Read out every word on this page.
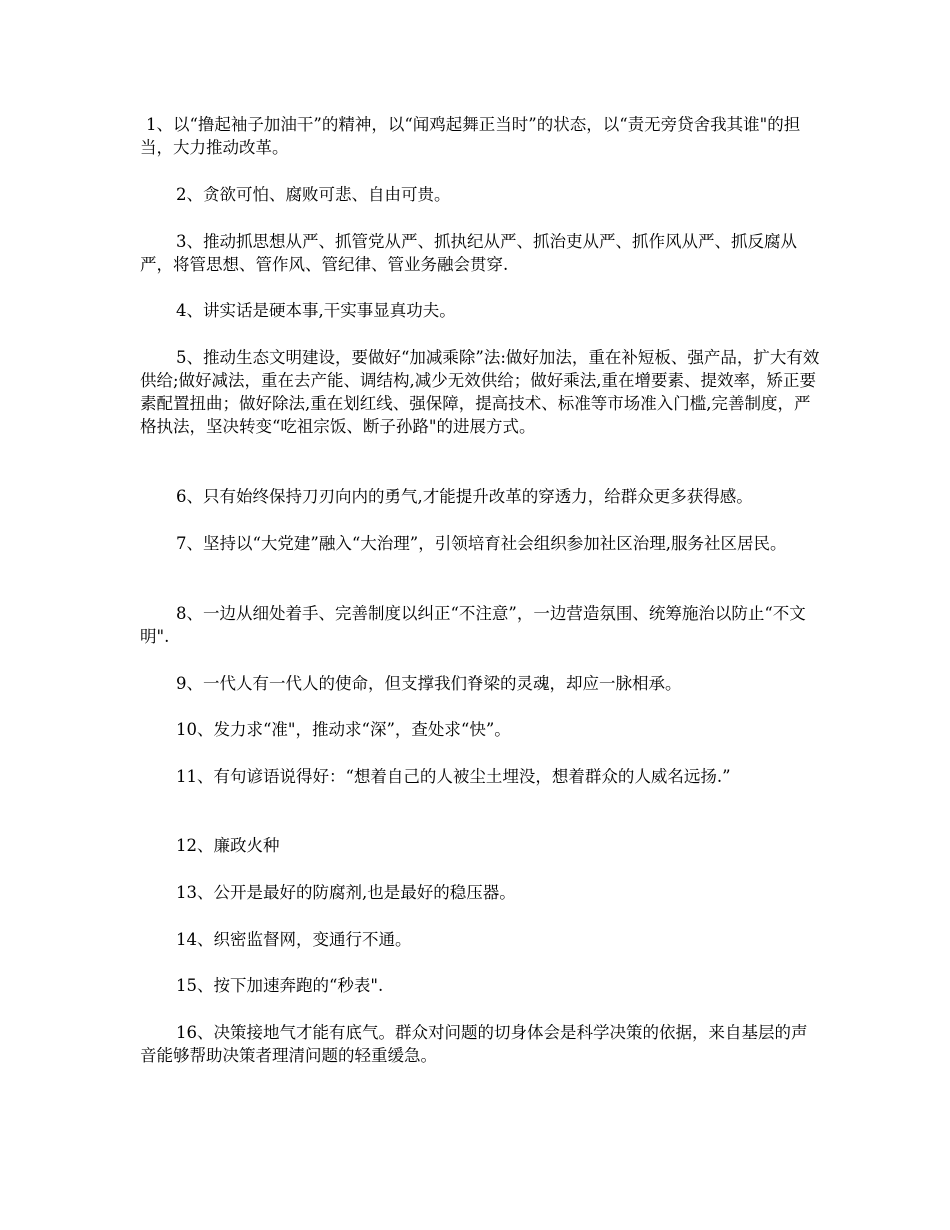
1、以“撸起袖子加油干”的精神，以“闻鸡起舞正当时”的状态，以“责无旁贷舍我其谁"的担当，大力推动改革。

2、贪欲可怕、腐败可悲、自由可贵。

3、推动抓思想从严、抓管党从严、抓执纪从严、抓治吏从严、抓作风从严、抓反腐从严，将管思想、管作风、管纪律、管业务融会贯穿.

4、讲实话是硬本事,干实事显真功夫。

5、推动生态文明建设，要做好“加减乘除”法:做好加法，重在补短板、强产品，扩大有效供给;做好减法，重在去产能、调结构,减少无效供给；做好乘法,重在增要素、提效率，矫正要素配置扭曲；做好除法,重在划红线、强保障，提高技术、标准等市场准入门槛,完善制度，严格执法，坚决转变“吃祖宗饭、断子孙路"的进展方式。

6、只有始终保持刀刃向内的勇气,才能提升改革的穿透力，给群众更多获得感。

7、坚持以“大党建”融入“大治理”，引领培育社会组织参加社区治理,服务社区居民。

8、一边从细处着手、完善制度以纠正“不注意”，一边营造氛围、统筹施治以防止“不文明".

9、一代人有一代人的使命，但支撑我们脊梁的灵魂，却应一脉相承。

10、发力求“准"，推动求“深”，查处求“快”。

11、有句谚语说得好：“想着自己的人被尘土埋没，想着群众的人威名远扬.”

12、廉政火种

13、公开是最好的防腐剂,也是最好的稳压器。

14、织密监督网，变通行不通。

15、按下加速奔跑的“秒表".

16、决策接地气才能有底气。群众对问题的切身体会是科学决策的依据，来自基层的声音能够帮助决策者理清问题的轻重缓急。
